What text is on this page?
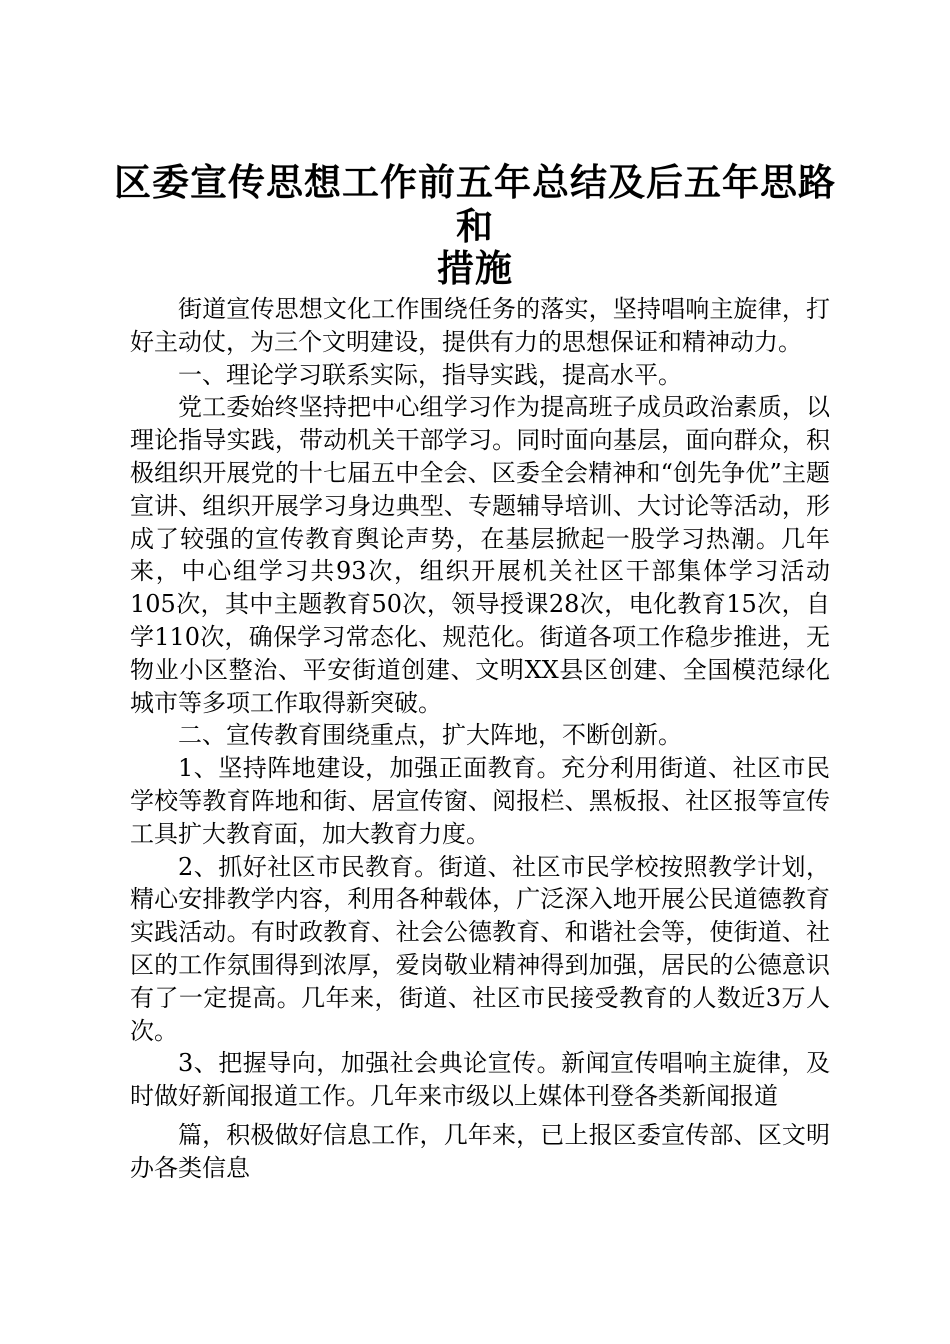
区委宣传思想工作前五年总结及后五年思路和
措施

街道宣传思想文化工作围绕任务的落实，坚持唱响主旋律，打好主动仗，为三个文明建设，提供有力的思想保证和精神动力。

一、理论学习联系实际，指导实践，提高水平。

党工委始终坚持把中心组学习作为提高班子成员政治素质，以理论指导实践，带动机关干部学习。同时面向基层，面向群众，积极组织开展党的十七届五中全会、区委全会精神和“创先争优”主题宣讲、组织开展学习身边典型、专题辅导培训、大讨论等活动，形成了较强的宣传教育舆论声势，在基层掀起一股学习热潮。几年来，中心组学习共93次，组织开展机关社区干部集体学习活动105次，其中主题教育50次，领导授课28次，电化教育15次，自学110次，确保学习常态化、规范化。街道各项工作稳步推进，无物业小区整治、平安街道创建、文明XX县区创建、全国模范绿化城市等多项工作取得新突破。

二、宣传教育围绕重点，扩大阵地，不断创新。

1、坚持阵地建设，加强正面教育。充分利用街道、社区市民学校等教育阵地和街、居宣传窗、阅报栏、黑板报、社区报等宣传工具扩大教育面，加大教育力度。

2、抓好社区市民教育。街道、社区市民学校按照教学计划，精心安排教学内容，利用各种载体，广泛深入地开展公民道德教育实践活动。有时政教育、社会公德教育、和谐社会等，使街道、社区的工作氛围得到浓厚，爱岗敬业精神得到加强，居民的公德意识有了一定提高。几年来，街道、社区市民接受教育的人数近3万人次。

3、把握导向，加强社会典论宣传。新闻宣传唱响主旋律，及时做好新闻报道工作。几年来市级以上媒体刊登各类新闻报道

篇，积极做好信息工作，几年来，已上报区委宣传部、区文明办各类信息
